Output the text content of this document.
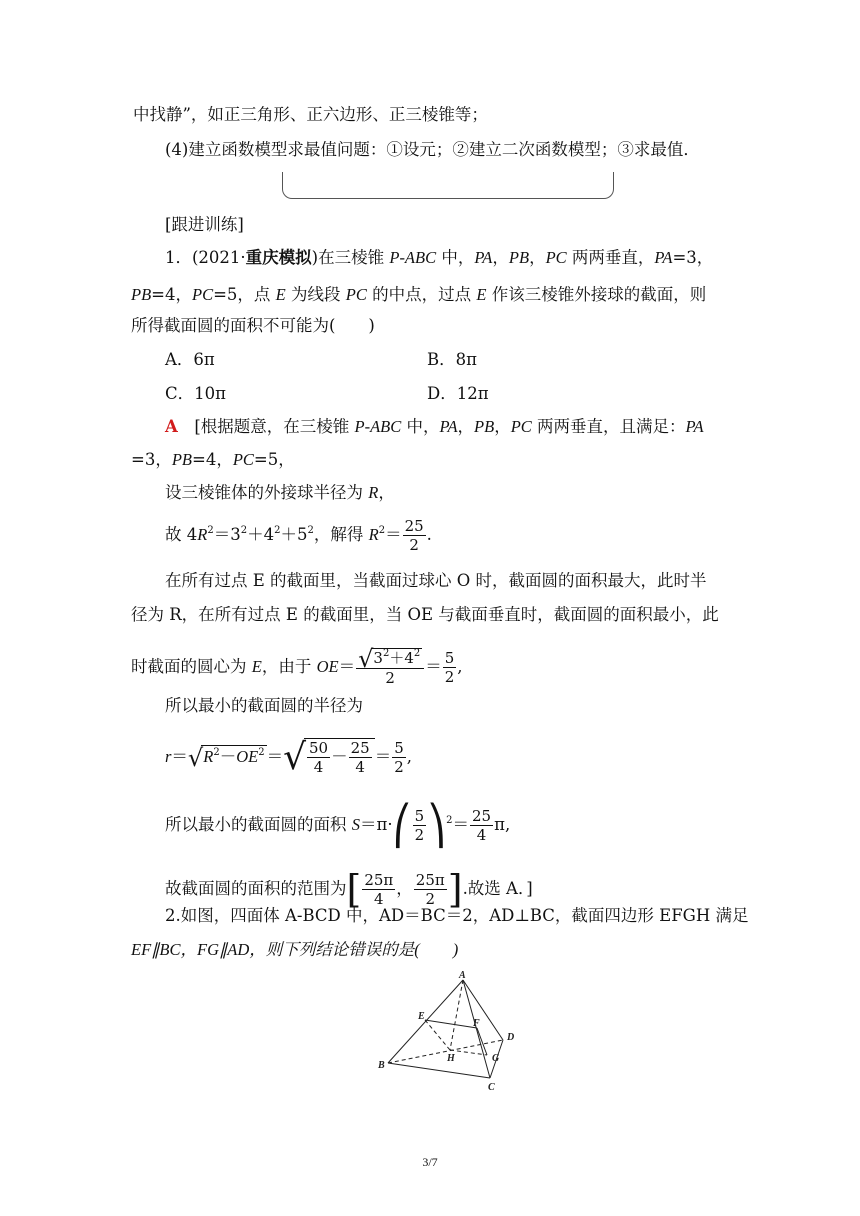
中找静”，如正三角形、正六边形、正三棱锥等；
(4)建立函数模型求最值问题：①设元；②建立二次函数模型；③求最值．
[跟进训练]
1．(2021·重庆模拟)在三棱锥 P-ABC 中，PA，PB，PC 两两垂直，PA=3，
PB=4，PC=5，点 E 为线段 PC 的中点，过点 E 作该三棱锥外接球的截面，则
所得截面圆的面积不可能为(　　)
A．6π	B．8π
C．10π	D．12π
A　 [根据题意，在三棱锥 P-ABC 中，PA，PB，PC 两两垂直，且满足：PA
=3，PB=4，PC=5，
设三棱锥体的外接球半径为 R，
故 $4R^2=3^2+4^2+5^2$，解得 $R^2= \frac{25}{2}$ .
在所有过点 E 的截面里，当截面过球心 O 时，截面圆的面积最大，此时半
径为 R，在所有过点 E 的截面里，当 OE 与截面垂直时，截面圆的面积最小，此
时截面的圆心为 E，由于 $OE= \frac{√3^2+4^2}{2} = \frac{5}{2}$ ,
所以最小的截面圆的半径为
$r=√R^2-OE^2$ ＝√ $\frac{50}{4} - \frac{25}{4} = \frac{5}{2}$ ,
所以最小的截面圆的面积 S＝π·⎛ $\frac{5}{2}$ ⎞$^2$＝ $\frac{25}{4} \pi$,
故截面圆的面积的范围为[ $\frac{25\pi}{4}$ ， $\frac{25\pi}{2}$ ].故选 A．]
2.如图，四面体 A-BCD 中，AD＝BC＝2，AD⊥BC，截面四边形 EFGH 满足
EF∥BC，FG∥AD，则下列结论错误的是(　　)
A
B
C
D
E
F
G
H
3/7
